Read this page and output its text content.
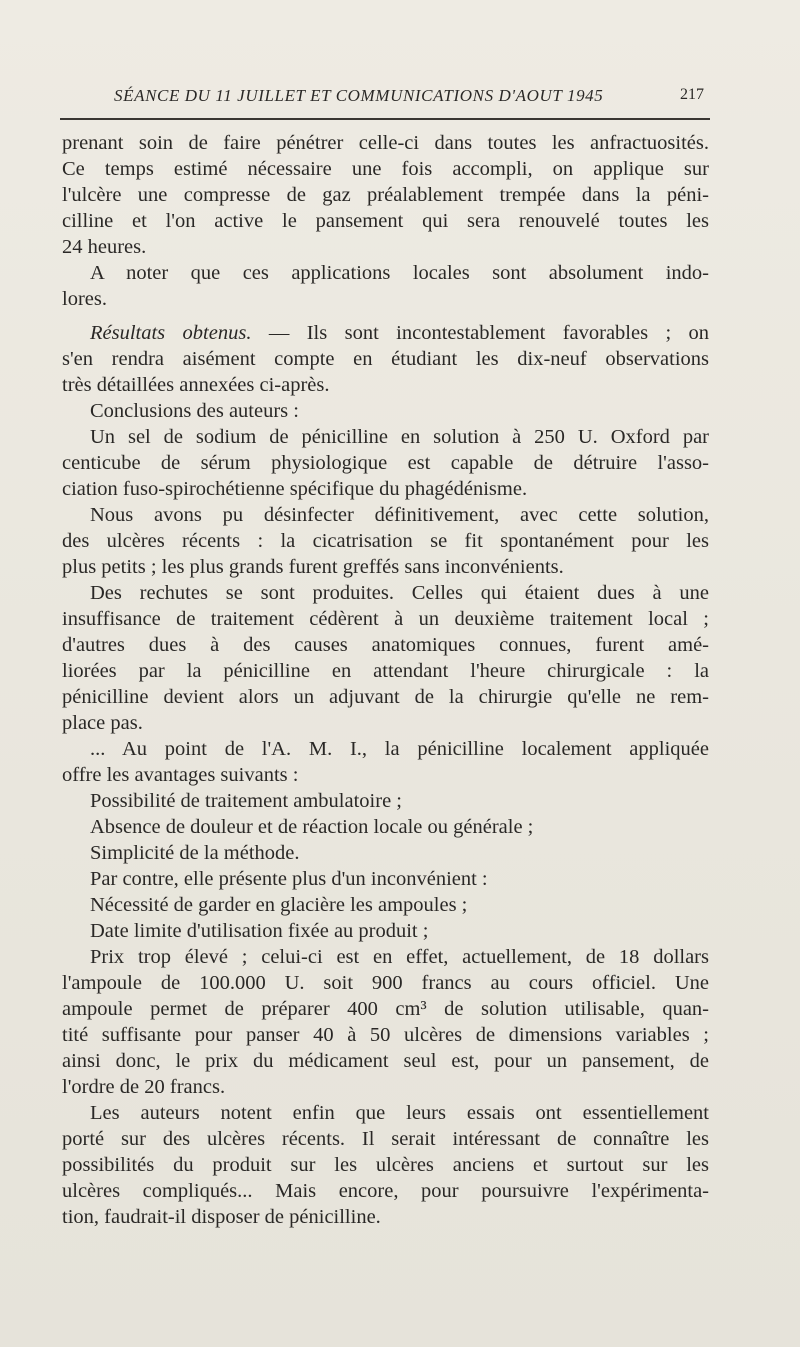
SÉANCE DU 11 JUILLET ET COMMUNICATIONS D'AOUT 1945	217
prenant soin de faire pénétrer celle-ci dans toutes les anfractuosités.
Ce temps estimé nécessaire une fois accompli, on applique sur
l'ulcère une compresse de gaz préalablement trempée dans la péni-
cilline et l'on active le pansement qui sera renouvelé toutes les
24 heures.
A noter que ces applications locales sont absolument indo-
lores.
Résultats obtenus. — Ils sont incontestablement favorables ; on
s'en rendra aisément compte en étudiant les dix-neuf observations
très détaillées annexées ci-après.
Conclusions des auteurs :
Un sel de sodium de pénicilline en solution à 250 U. Oxford par
centicube de sérum physiologique est capable de détruire l'asso-
ciation fuso-spirochétienne spécifique du phagédénisme.
Nous avons pu désinfecter définitivement, avec cette solution,
des ulcères récents : la cicatrisation se fit spontanément pour les
plus petits ; les plus grands furent greffés sans inconvénients.
Des rechutes se sont produites. Celles qui étaient dues à une
insuffisance de traitement cédèrent à un deuxième traitement local ;
d'autres dues à des causes anatomiques connues, furent amé-
liorées par la pénicilline en attendant l'heure chirurgicale : la
pénicilline devient alors un adjuvant de la chirurgie qu'elle ne rem-
place pas.
... Au point de l'A. M. I., la pénicilline localement appliquée
offre les avantages suivants :
Possibilité de traitement ambulatoire ;
Absence de douleur et de réaction locale ou générale ;
Simplicité de la méthode.
Par contre, elle présente plus d'un inconvénient :
Nécessité de garder en glacière les ampoules ;
Date limite d'utilisation fixée au produit ;
Prix trop élevé ; celui-ci est en effet, actuellement, de 18 dollars
l'ampoule de 100.000 U. soit 900 francs au cours officiel. Une
ampoule permet de préparer 400 cm³ de solution utilisable, quan-
tité suffisante pour panser 40 à 50 ulcères de dimensions variables ;
ainsi donc, le prix du médicament seul est, pour un pansement, de
l'ordre de 20 francs.
Les auteurs notent enfin que leurs essais ont essentiellement
porté sur des ulcères récents. Il serait intéressant de connaître les
possibilités du produit sur les ulcères anciens et surtout sur les
ulcères compliqués... Mais encore, pour poursuivre l'expérimenta-
tion, faudrait-il disposer de pénicilline.
